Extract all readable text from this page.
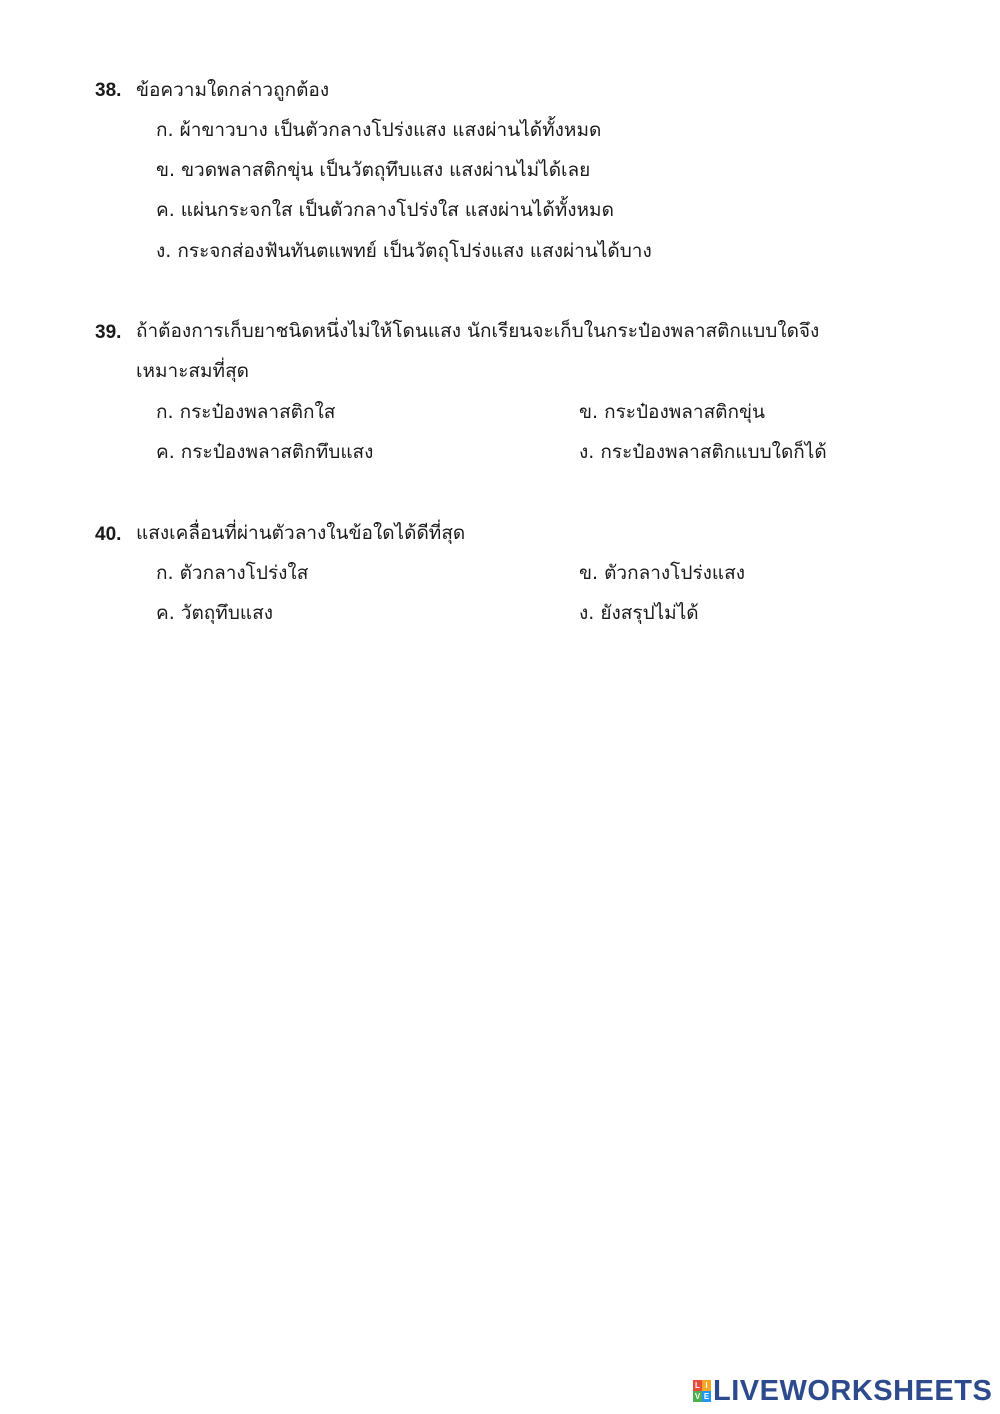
38. ข้อความใดกล่าวถูกต้อง
ก. ผ้าขาวบาง เป็นตัวกลางโปร่งแสง แสงผ่านได้ทั้งหมด
ข. ขวดพลาสติกขุ่น เป็นวัตถุทึบแสง แสงผ่านไม่ได้เลย
ค. แผ่นกระจกใส เป็นตัวกลางโปร่งใส แสงผ่านได้ทั้งหมด
ง. กระจกส่องฟันทันตแพทย์ เป็นวัตถุโปร่งแสง แสงผ่านได้บาง
39. ถ้าต้องการเก็บยาชนิดหนึ่งไม่ให้โดนแสง นักเรียนจะเก็บในกระป๋องพลาสติกแบบใดจึง
เหมาะสมที่สุด
ก. กระป๋องพลาสติกใส	ข. กระป๋องพลาสติกขุ่น
ค. กระป๋องพลาสติกทึบแสง	ง. กระป๋องพลาสติกแบบใดก็ได้
40. แสงเคลื่อนที่ผ่านตัวลางในข้อใดได้ดีที่สุด
ก. ตัวกลางโปร่งใส	ข. ตัวกลางโปร่งแสง
ค. วัตถุทึบแสง	ง. ยังสรุปไม่ได้
L I
V E LIVEWORKSHEETS
